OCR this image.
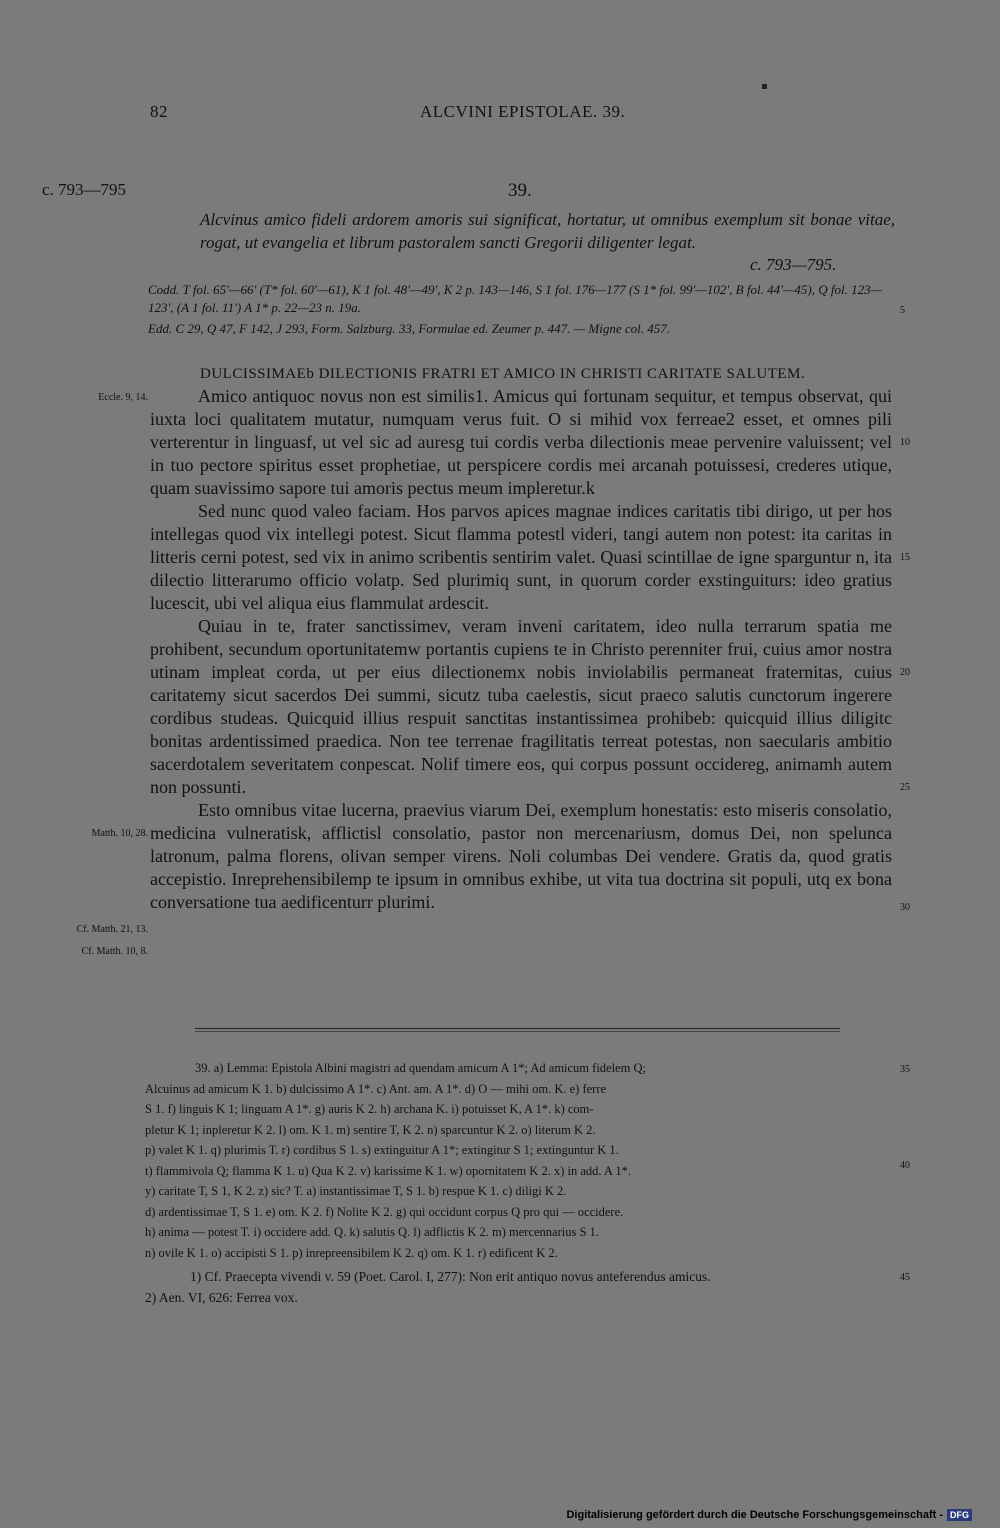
82	ALCVINI EPISTOLAE. 39.
c. 793—795	39.
Alcvinus amico fideli ardorem amoris sui significat, hortatur, ut omnibus exemplum sit bonae vitae, rogat, ut evangelia et librum pastoralem sancti Gregorii diligenter legat.
c. 793—795.
Codd. T fol. 65'—66' (T* fol. 60'—61), K 1 fol. 48'—49', K 2 p. 143—146, S 1 fol. 176—177 (S 1* fol. 99'—102', B fol. 44'—45), Q fol. 123—123', (A 1 fol. 11') A 1* p. 22—23 n. 19a.
Edd. C 29, Q 47, F 142, J 293, Form. Salzburg. 33, Formulae ed. Zeumer p. 447. — Migne col. 457.
DULCISSIMAEb DILECTIONIS FRATRI ET AMICO IN CHRISTI CARITATE SALUTEM.

Amico antiquoc novus non est similis1. Amicus qui fortunam sequitur, et tempus observat, qui iuxta loci qualitatem mutatur, numquam verus fuit. O si mihid vox ferreae2 esset, et omnes pili verterentur in linguasf, ut vel sic ad auresg tui cordis verba dilectionis meae pervenire valuissent; vel in tuo pectore spiritus esset prophetiae, ut perspicere cordis mei arcanah potuissesi, crederes utique, quam suavissimo sapore tui amoris pectus meum impleretur.k

Sed nunc quod valeo faciam. Hos parvos apices magnae indices caritatis tibi dirigo, ut per hos intellegas quod vix intellegi potest. Sicut flamma potestl videri, tangi autem non potest: ita caritas in litteris cerni potest, sed vix in animo scribentis sentirim valet. Quasi scintillae de igne sparguntur n, ita dilectio litterarumo officio volatp. Sed plurimiq sunt, in quorum corder exstinguiturs: ideo gratius lucescit, ubi vel aliqua eius flammulat ardescit.

Quiau in te, frater sanctissimev, veram inveni caritatem, ideo nulla terrarum spatia me prohibent, secundum oportunitatemw portantis cupiens te in Christo perenniter frui, cuius amor nostra utinam impleat corda, ut per eius dilectionemx nobis inviolabilis permaneat fraternitas, cuius caritatemy sicut sacerdos Dei summi, sicutz tuba caelestis, sicut praeco salutis cunctorum ingerere cordibus studeas. Quicquid illius respuit sanctitas instantissimea prohibeb: quicquid illius diligitc bonitas ardentissimed praedica. Non tee terrenae fragilitatis terreat potestas, non saecularis ambitio sacerdotalem severitatem conpescat. Nolif timere eos, qui corpus possunt occidereg, animamh autem non possunti.

Esto omnibus vitae lucerna, praevius viarum Dei, exemplum honestatis: esto miseris consolatio, medicina vulneratisk, afflictisl consolatio, pastor non mercenariusm, domus Dei, non spelunca latronum, palma florens, olivan semper virens. Noli columbas Dei vendere. Gratis da, quod gratis accepistio. Inreprehensibilemp te ipsum in omnibus exhibe, ut vita tua doctrina sit populi, utq ex bona conversatione tua aedificenturr plurimi.

Eccle. 9, 14.
Matth. 10, 28.
Cf. Matth. 21, 13.
Cf. Matth. 10, 8.
5
10
15
20
25
30
35
40
45
39. a) Lemma: Epistola Albini magistri ad quendam amicum A 1*; Ad amicum fidelem Q;
Alcuinus ad amicum K 1. b) dulcissimo A 1*. c) Ant. am. A 1*. d) O — mihi om. K. e) ferre
S 1. f) linguis K 1; linguam A 1*. g) auris K 2. h) archana K. i) potuisset K, A 1*. k) com-
pletur K 1; inpleretur K 2. l) om. K 1. m) sentire T, K 2. n) sparcuntur K 2. o) literum K 2.
p) valet K 1. q) plurimis T. r) cordibus S 1. s) extinguitur A 1*; extingitur S 1; extinguntur K 1.
t) flammivola Q; flamma K 1. u) Qua K 2. v) karissime K 1. w) opornitatem K 2. x) in add. A 1*.
y) caritate T, S 1, K 2. z) sic? T. a) instantissimae T, S 1. b) respue K 1. c) diligi K 2.
d) ardentissimae T, S 1. e) om. K 2. f) Nolite K 2. g) qui occidunt corpus Q pro qui — occidere.
h) anima — potest T. i) occidere add. Q. k) salutis Q. l) adflictis K 2. m) mercennarius S 1.
n) ovile K 1. o) accipisti S 1. p) inrepreensibilem K 2. q) om. K 1. r) edificent K 2.
1) Cf. Praecepta vivendi v. 59 (Poet. Carol. I, 277): Non erit antiquo novus anteferendus amicus.
2) Aen. VI, 626: Ferrea vox.
Digitalisierung gefördert durch die Deutsche Forschungsgemeinschaft - DFG
